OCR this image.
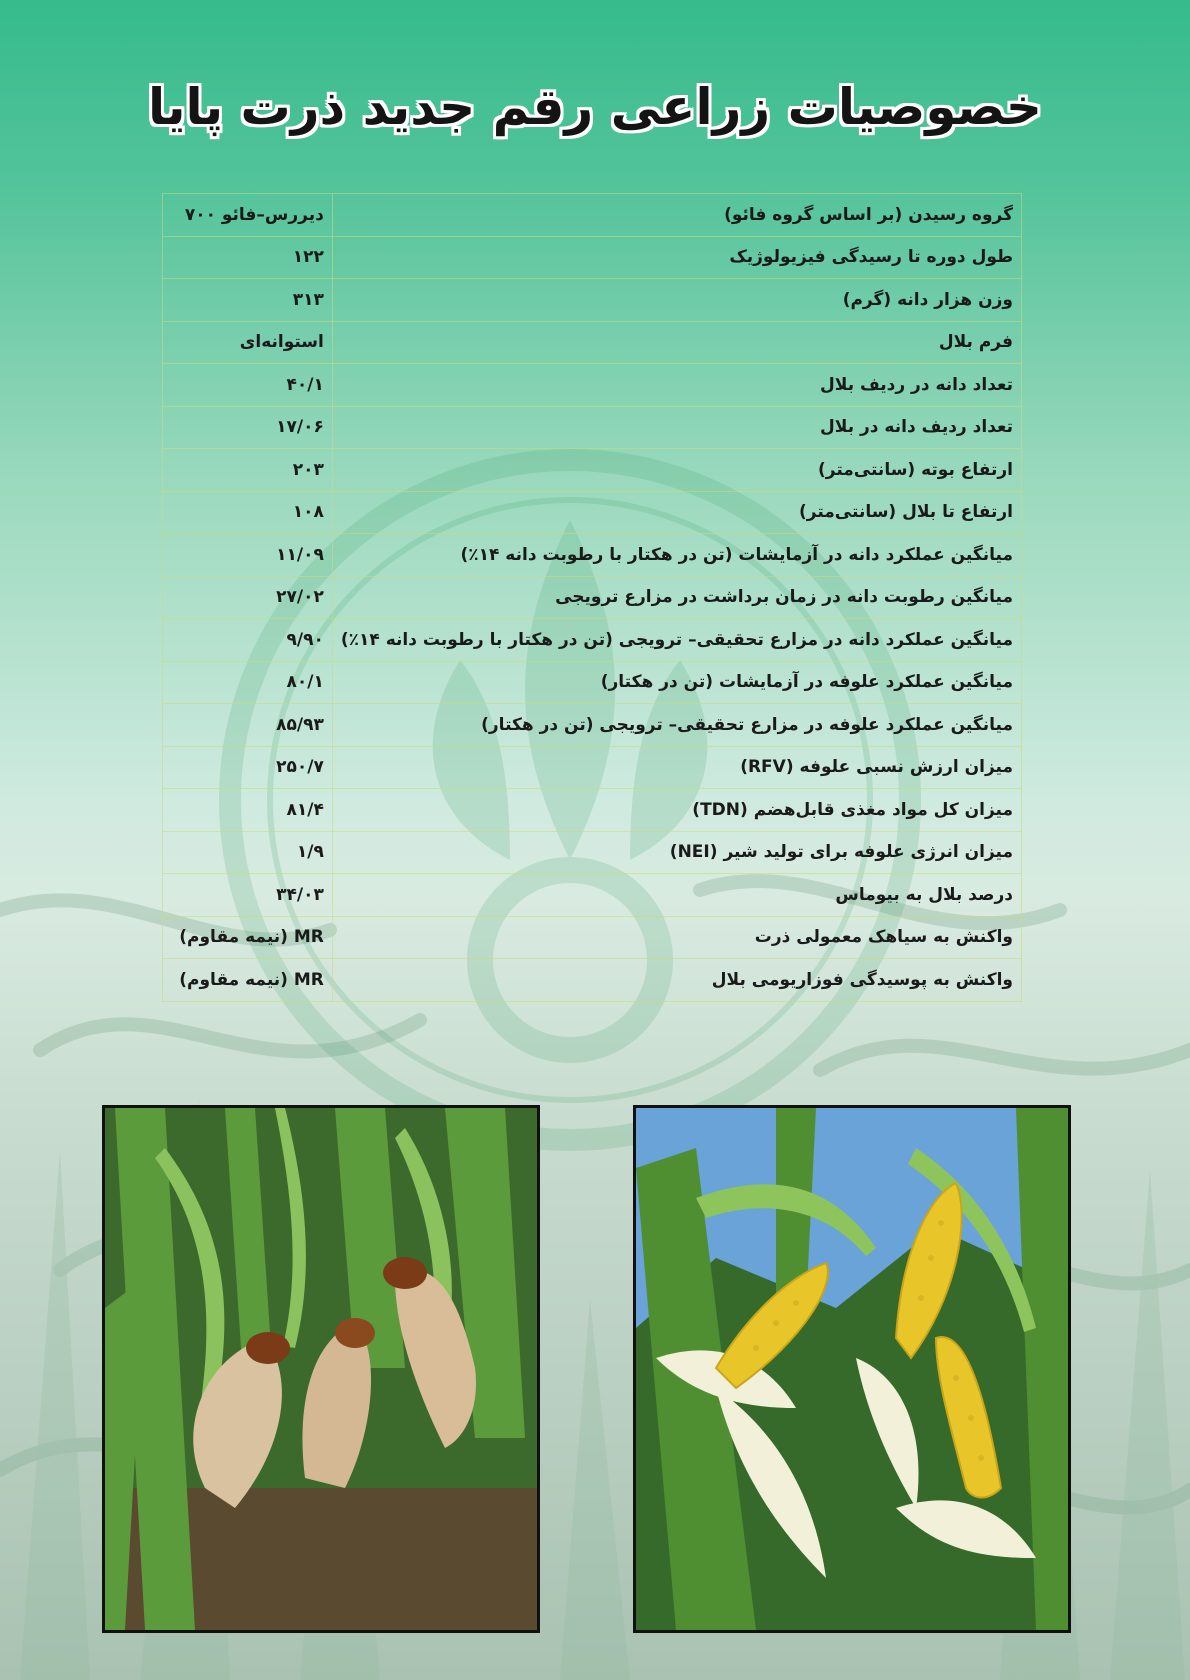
خصوصیات زراعی رقم جدید ذرت پایا
گروه رسیدن (بر اساس گروه فائو)	دیررس–فائو ۷۰۰
طول دوره تا رسیدگی فیزیولوژیک	۱۲۲
وزن هزار دانه (گرم)	۳۱۳
فرم بلال	استوانه‌ای
تعداد دانه در ردیف بلال	۴۰/۱
تعداد ردیف دانه در بلال	۱۷/۰۶
ارتفاع بوته (سانتی‌متر)	۲۰۳
ارتفاع تا بلال (سانتی‌متر)	۱۰۸
میانگین عملکرد دانه در آزمایشات (تن در هکتار با رطوبت دانه ۱۴٪)	۱۱/۰۹
میانگین رطوبت دانه در زمان برداشت در مزارع ترویجی	۲۷/۰۲
میانگین عملکرد دانه در مزارع تحقیقی– ترویجی (تن در هکتار با رطوبت دانه ۱۴٪)	۹/۹۰
میانگین عملکرد علوفه در آزمایشات (تن در هکتار)	۸۰/۱
میانگین عملکرد علوفه در مزارع تحقیقی– ترویجی (تن در هکتار)	۸۵/۹۳
میزان ارزش نسبی علوفه (RFV)	۲۵۰/۷
میزان کل مواد مغذی قابل‌هضم (TDN)	۸۱/۴
میزان انرژی علوفه برای تولید شیر (NEI)	۱/۹
درصد بلال به بیوماس	۳۴/۰۳
واکنش به سیاهک معمولی ذرت	MR (نیمه مقاوم)
واکنش به پوسیدگی فوزاریومی بلال	MR (نیمه مقاوم)
